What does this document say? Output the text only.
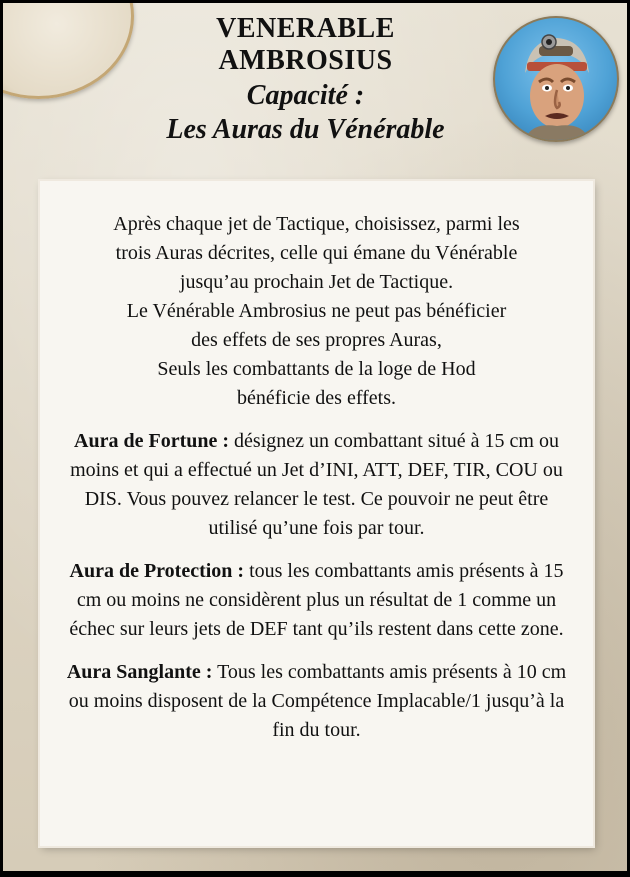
VENERABLE
AMBROSIUS
Capacité :
Les Auras du Vénérable

Après chaque jet de Tactique, choisissez, parmi les

trois Auras décrites, celle qui émane du Vénérable

jusqu’au prochain Jet de Tactique.

Le Vénérable Ambrosius ne peut pas bénéficier

des effets de ses propres Auras,

Seuls les combattants de la loge de Hod

bénéficie des effets.

Aura de Fortune : désignez un combattant situé à 15 cm ou moins et qui a effectué un Jet d’INI, ATT, DEF, TIR, COU ou DIS. Vous pouvez relancer le test. Ce pouvoir ne peut être utilisé qu’une fois par tour.

Aura de Protection : tous les combattants amis présents à 15 cm ou moins ne considèrent plus un résultat de 1 comme un échec sur leurs jets de DEF tant qu’ils restent dans cette zone.

Aura Sanglante : Tous les combattants amis présents à 10 cm ou moins disposent de la Compétence Implacable/1 jusqu’à la fin du tour.
